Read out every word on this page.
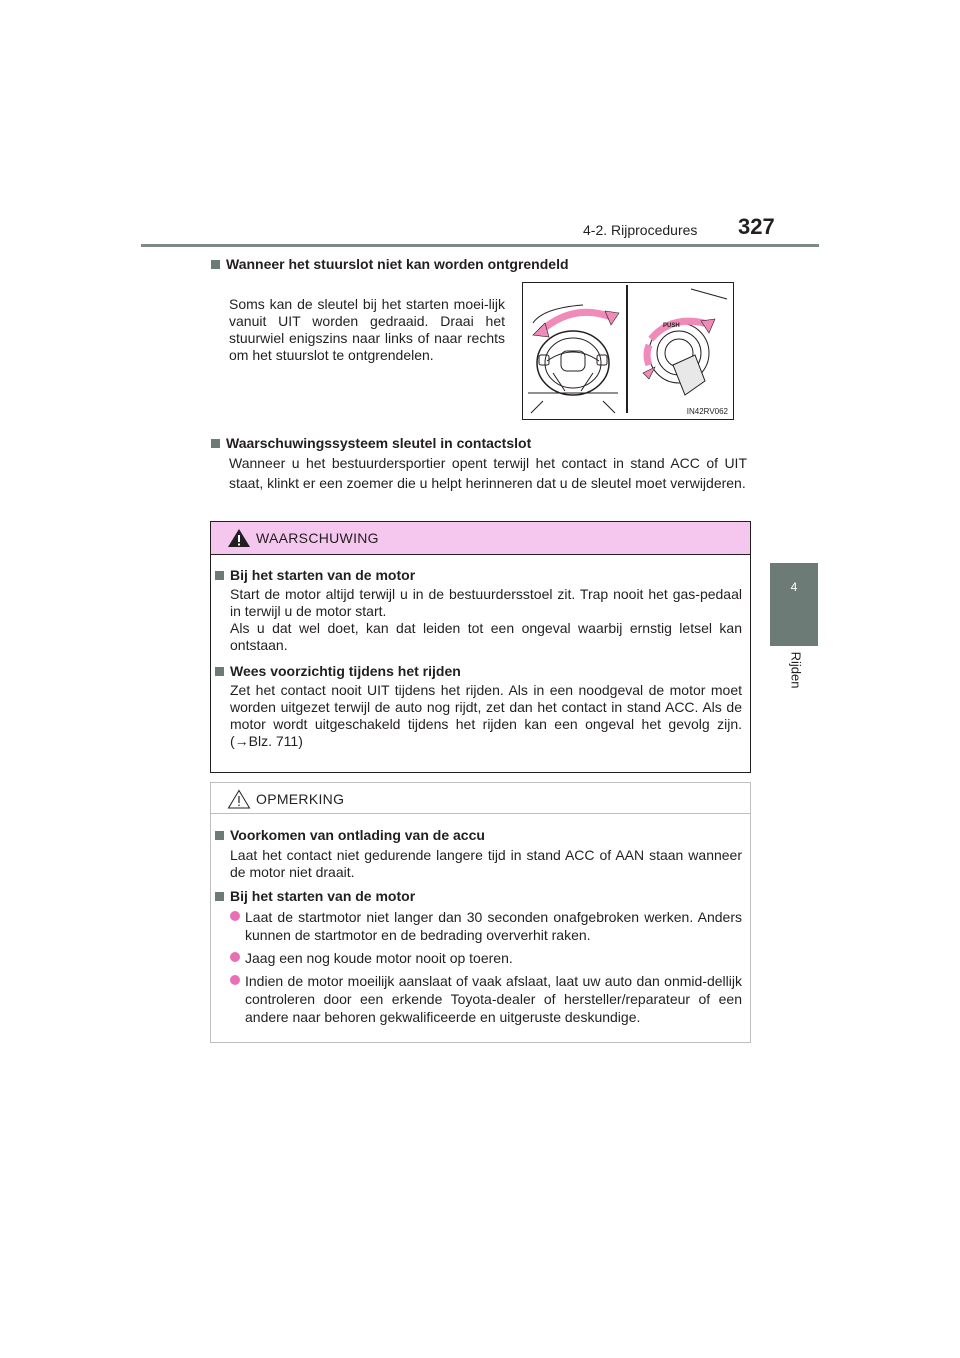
4-2. Rijprocedures 327
4
Rijden
Wanneer het stuurslot niet kan worden ontgrendeld
Soms kan de sleutel bij het starten moei-lijk vanuit UIT worden gedraaid. Draai het stuurwiel enigszins naar links of naar rechts om het stuurslot te ontgrendelen.
PUSH
IN42RV062
Waarschuwingssysteem sleutel in contactslot
Wanneer u het bestuurdersportier opent terwijl het contact in stand ACC of UIT staat, klinkt er een zoemer die u helpt herinneren dat u de sleutel moet verwijderen.
WAARSCHUWING
Bij het starten van de motor
Start de motor altijd terwijl u in de bestuurdersstoel zit. Trap nooit het gas-pedaal in terwijl u de motor start.
Als u dat wel doet, kan dat leiden tot een ongeval waarbij ernstig letsel kan ontstaan.
Wees voorzichtig tijdens het rijden
Zet het contact nooit UIT tijdens het rijden. Als in een noodgeval de motor moet worden uitgezet terwijl de auto nog rijdt, zet dan het contact in stand ACC. Als de motor wordt uitgeschakeld tijdens het rijden kan een ongeval het gevolg zijn. (→Blz. 711)
OPMERKING
Voorkomen van ontlading van de accu
Laat het contact niet gedurende langere tijd in stand ACC of AAN staan wanneer de motor niet draait.
Bij het starten van de motor
Laat de startmotor niet langer dan 30 seconden onafgebroken werken. Anders kunnen de startmotor en de bedrading oververhit raken.
Jaag een nog koude motor nooit op toeren.
Indien de motor moeilijk aanslaat of vaak afslaat, laat uw auto dan onmid-dellijk controleren door een erkende Toyota-dealer of hersteller/reparateur of een andere naar behoren gekwalificeerde en uitgeruste deskundige.
